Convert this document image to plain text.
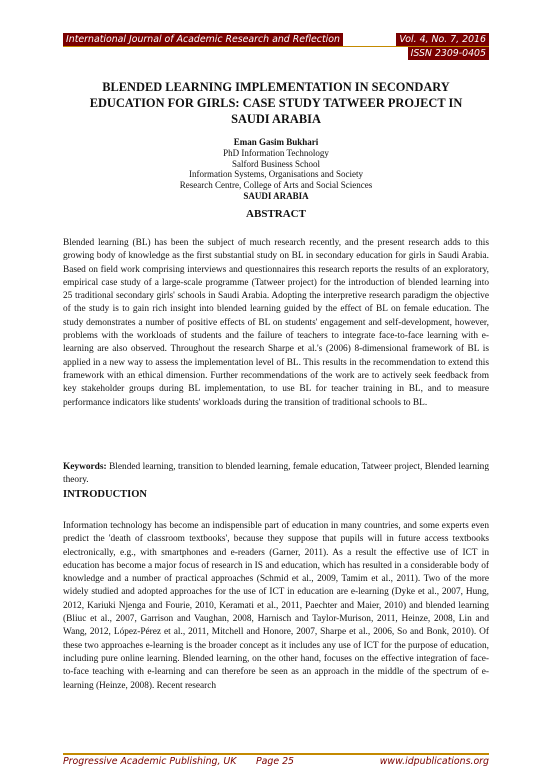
International Journal of Academic Research and Reflection	Vol. 4, No. 7, 2016
ISSN 2309-0405
BLENDED LEARNING IMPLEMENTATION IN SECONDARY EDUCATION FOR GIRLS: CASE STUDY TATWEER PROJECT IN SAUDI ARABIA
Eman Gasim Bukhari
PhD Information Technology
Salford Business School
Information Systems, Organisations and Society
Research Centre, College of Arts and Social Sciences
SAUDI ARABIA
ABSTRACT
Blended learning (BL) has been the subject of much research recently, and the present research adds to this growing body of knowledge as the first substantial study on BL in secondary education for girls in Saudi Arabia. Based on field work comprising interviews and questionnaires this research reports the results of an exploratory, empirical case study of a large-scale programme (Tatweer project) for the introduction of blended learning into 25 traditional secondary girls' schools in Saudi Arabia. Adopting the interpretive research paradigm the objective of the study is to gain rich insight into blended learning guided by the effect of BL on female education. The study demonstrates a number of positive effects of BL on students' engagement and self-development, however, problems with the workloads of students and the failure of teachers to integrate face-to-face learning with e-learning are also observed. Throughout the research Sharpe et al.'s (2006) 8-dimensional framework of BL is applied in a new way to assess the implementation level of BL. This results in the recommendation to extend this framework with an ethical dimension. Further recommendations of the work are to actively seek feedback from key stakeholder groups during BL implementation, to use BL for teacher training in BL, and to measure performance indicators like students' workloads during the transition of traditional schools to BL.
Keywords: Blended learning, transition to blended learning, female education, Tatweer project, Blended learning theory.
INTRODUCTION
Information technology has become an indispensible part of education in many countries, and some experts even predict the 'death of classroom textbooks', because they suppose that pupils will in future access textbooks electronically, e.g., with smartphones and e-readers (Garner, 2011). As a result the effective use of ICT in education has become a major focus of research in IS and education, which has resulted in a considerable body of knowledge and a number of practical approaches (Schmid et al., 2009, Tamim et al., 2011). Two of the more widely studied and adopted approaches for the use of ICT in education are e-learning (Dyke et al., 2007, Hung, 2012, Kariuki Njenga and Fourie, 2010, Keramati et al., 2011, Paechter and Maier, 2010) and blended learning (Bliuc et al., 2007, Garrison and Vaughan, 2008, Harnisch and Taylor-Murison, 2011, Heinze, 2008, Lin and Wang, 2012, López-Pérez et al., 2011, Mitchell and Honore, 2007, Sharpe et al., 2006, So and Bonk, 2010). Of these two approaches e-learning is the broader concept as it includes any use of ICT for the purpose of education, including pure online learning. Blended learning, on the other hand, focuses on the effective integration of face-to-face teaching with e-learning and can therefore be seen as an approach in the middle of the spectrum of e-learning (Heinze, 2008). Recent research
Progressive Academic Publishing, UK Page 25	www.idpublications.org
